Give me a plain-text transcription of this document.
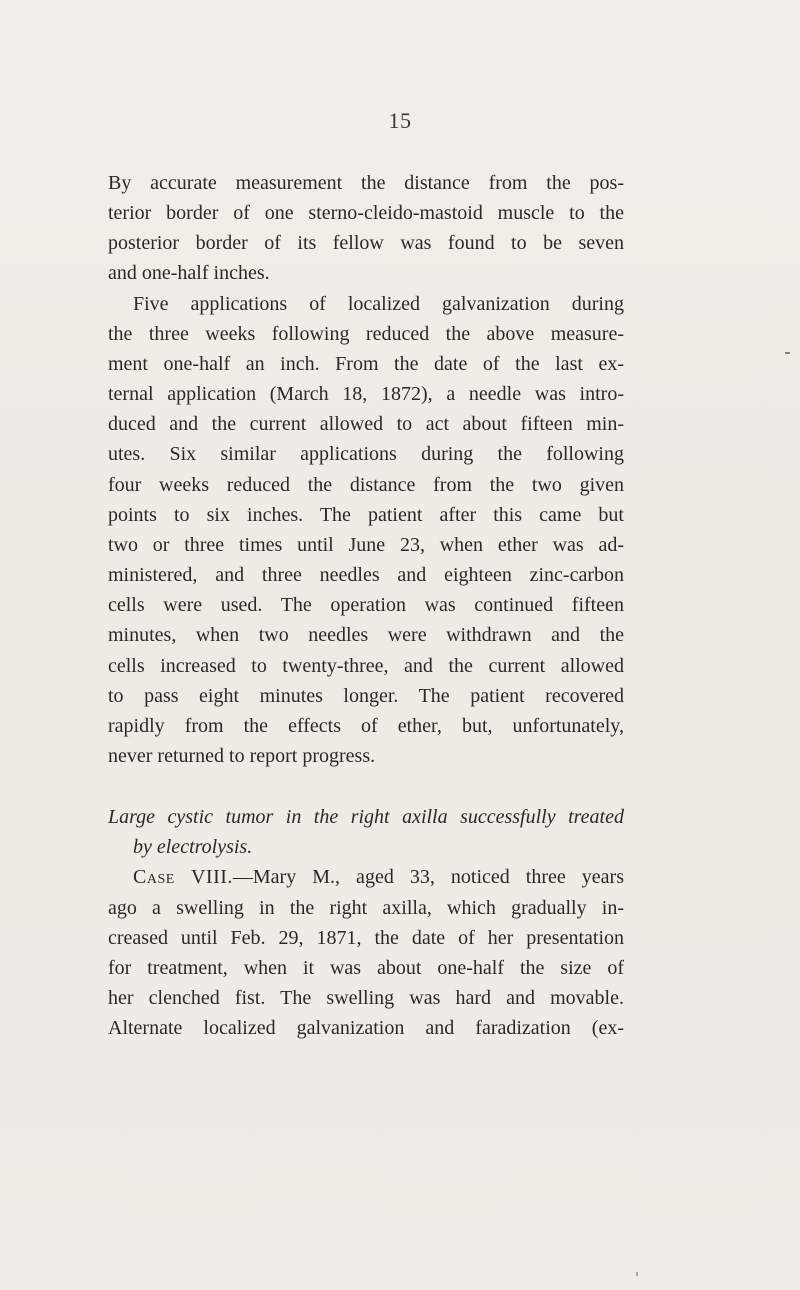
15
By accurate measurement the distance from the pos-
terior border of one sterno-cleido-mastoid muscle to the
posterior border of its fellow was found to be seven
and one-half inches.
Five applications of localized galvanization during
the three weeks following reduced the above measure-
ment one-half an inch. From the date of the last ex-
ternal application (March 18, 1872), a needle was intro-
duced and the current allowed to act about fifteen min-
utes. Six similar applications during the following
four weeks reduced the distance from the two given
points to six inches. The patient after this came but
two or three times until June 23, when ether was ad-
ministered, and three needles and eighteen zinc-carbon
cells were used. The operation was continued fifteen
minutes, when two needles were withdrawn and the
cells increased to twenty-three, and the current allowed
to pass eight minutes longer. The patient recovered
rapidly from the effects of ether, but, unfortunately,
never returned to report progress.
Large cystic tumor in the right axilla successfully treated
by electrolysis.
Case VIII.—Mary M., aged 33, noticed three years
ago a swelling in the right axilla, which gradually in-
creased until Feb. 29, 1871, the date of her presentation
for treatment, when it was about one-half the size of
her clenched fist. The swelling was hard and movable.
Alternate localized galvanization and faradization (ex-
